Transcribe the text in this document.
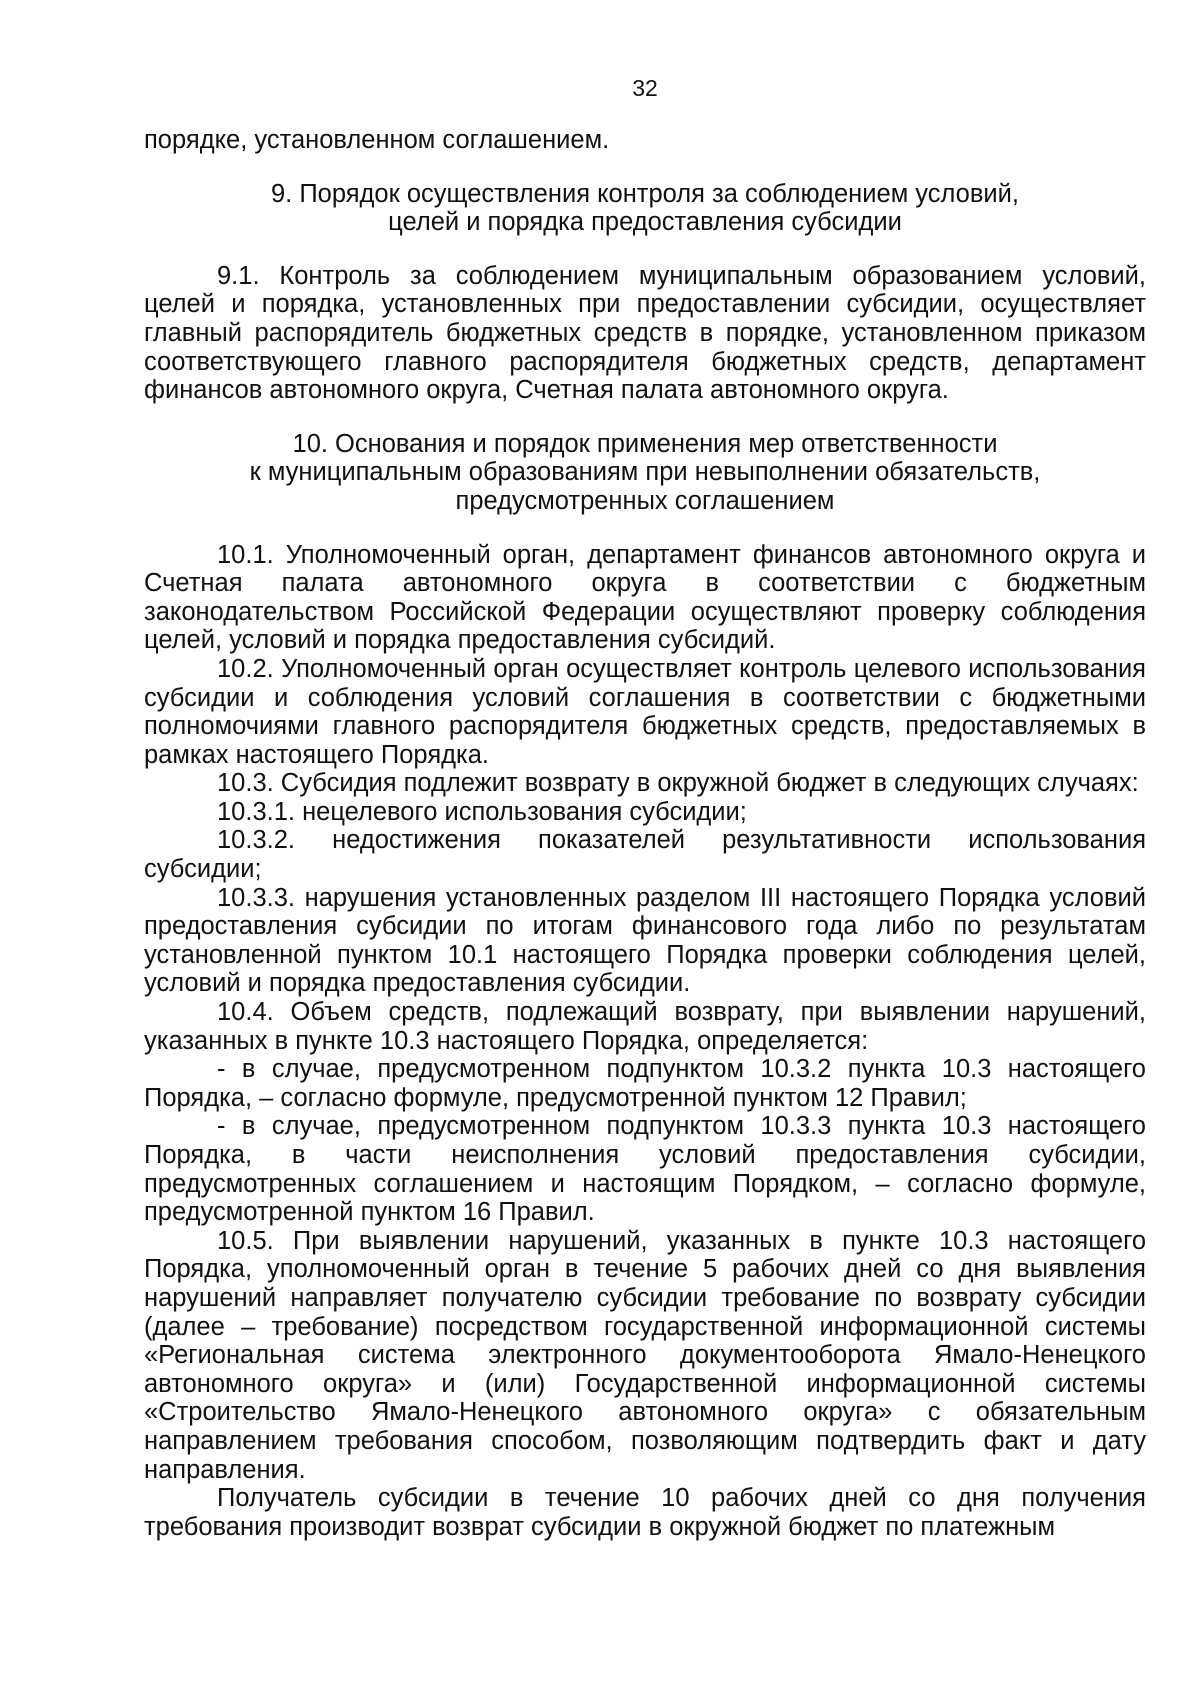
32

порядке, установленном соглашением.

9. Порядок осуществления контроля за соблюдением условий,
целей и порядка предоставления субсидии

9.1. Контроль за соблюдением муниципальным образованием условий, целей и порядка, установленных при предоставлении субсидии, осуществляет главный распорядитель бюджетных средств в порядке, установленном приказом соответствующего главного распорядителя бюджетных средств, департамент финансов автономного округа, Счетная палата автономного округа.

10. Основания и порядок применения мер ответственности
к муниципальным образованиям при невыполнении обязательств,
предусмотренных соглашением

10.1. Уполномоченный орган, департамент финансов автономного округа и Счетная палата автономного округа в соответствии с бюджетным законодательством Российской Федерации осуществляют проверку соблюдения целей, условий и порядка предоставления субсидий.

10.2. Уполномоченный орган осуществляет контроль целевого использования субсидии и соблюдения условий соглашения в соответствии с бюджетными полномочиями главного распорядителя бюджетных средств, предоставляемых в рамках настоящего Порядка.

10.3. Субсидия подлежит возврату в окружной бюджет в следующих случаях:

10.3.1. нецелевого использования субсидии;

10.3.2. недостижения показателей результативности использования субсидии;

10.3.3. нарушения установленных разделом III настоящего Порядка условий предоставления субсидии по итогам финансового года либо по результатам установленной пунктом 10.1 настоящего Порядка проверки соблюдения целей, условий и порядка предоставления субсидии.

10.4. Объем средств, подлежащий возврату, при выявлении нарушений, указанных в пункте 10.3 настоящего Порядка, определяется:

- в случае, предусмотренном подпунктом 10.3.2 пункта 10.3 настоящего Порядка, – согласно формуле, предусмотренной пунктом 12 Правил;

- в случае, предусмотренном подпунктом 10.3.3 пункта 10.3 настоящего Порядка, в части неисполнения условий предоставления субсидии, предусмотренных соглашением и настоящим Порядком, – согласно формуле, предусмотренной пунктом 16 Правил.

10.5. При выявлении нарушений, указанных в пункте 10.3 настоящего Порядка, уполномоченный орган в течение 5 рабочих дней со дня выявления нарушений направляет получателю субсидии требование по возврату субсидии (далее – требование) посредством государственной информационной системы «Региональная система электронного документооборота Ямало-Ненецкого автономного округа» и (или) Государственной информационной системы «Строительство Ямало-Ненецкого автономного округа» с обязательным направлением требования способом, позволяющим подтвердить факт и дату направления.

Получатель субсидии в течение 10 рабочих дней со дня получения требования производит возврат субсидии в окружной бюджет по платежным
